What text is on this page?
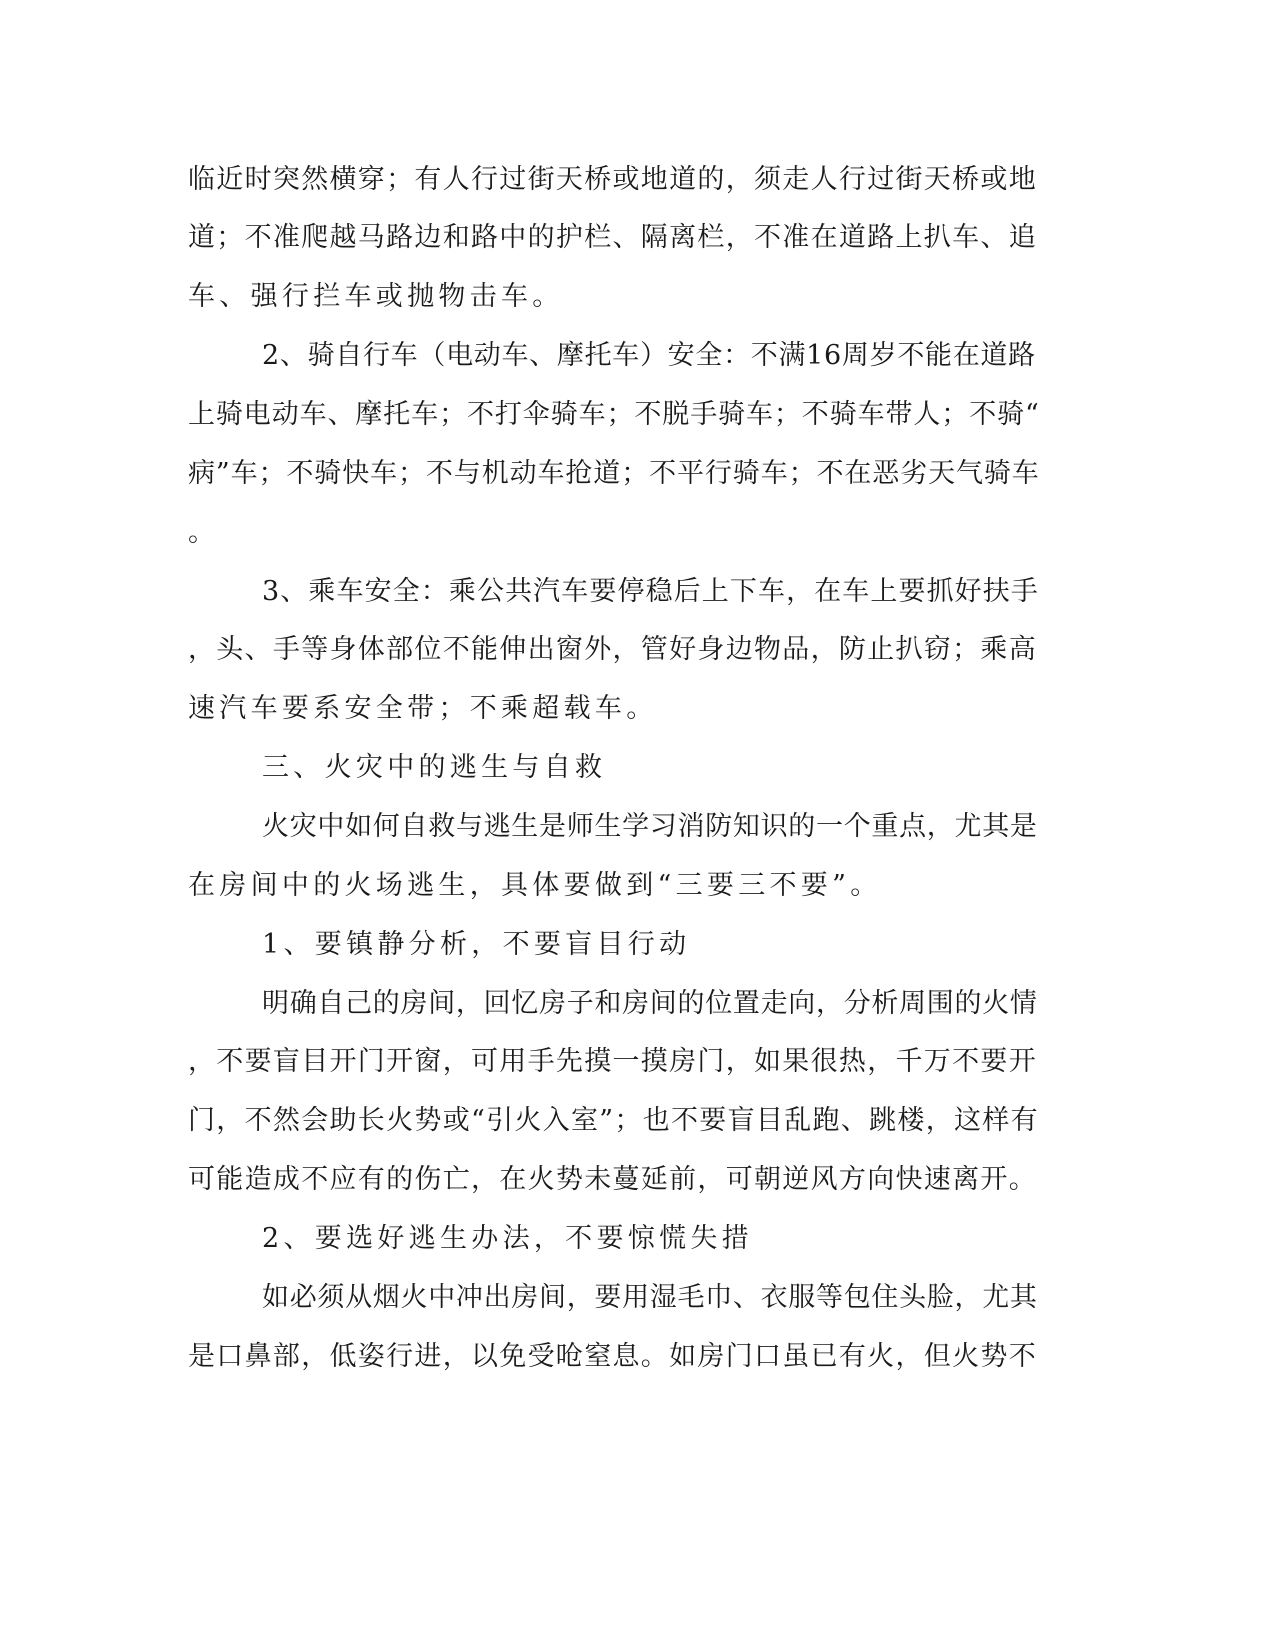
临近时突然横穿；有人行过街天桥或地道的，须走人行过街天桥或地
道；不准爬越马路边和路中的护栏、隔离栏，不准在道路上扒车、追
车、强行拦车或抛物击车。
2、骑自行车（电动车、摩托车）安全：不满16周岁不能在道路
上骑电动车、摩托车；不打伞骑车；不脱手骑车；不骑车带人；不骑“
病”车；不骑快车；不与机动车抢道；不平行骑车；不在恶劣天气骑车
。
3、乘车安全：乘公共汽车要停稳后上下车，在车上要抓好扶手
，头、手等身体部位不能伸出窗外，管好身边物品，防止扒窃；乘高
速汽车要系安全带；不乘超载车。
三、火灾中的逃生与自救
火灾中如何自救与逃生是师生学习消防知识的一个重点，尤其是
在房间中的火场逃生，具体要做到“三要三不要”。
1、要镇静分析，不要盲目行动
明确自己的房间，回忆房子和房间的位置走向，分析周围的火情
，不要盲目开门开窗，可用手先摸一摸房门，如果很热，千万不要开
门，不然会助长火势或“引火入室”；也不要盲目乱跑、跳楼，这样有
可能造成不应有的伤亡，在火势未蔓延前，可朝逆风方向快速离开。
2、要选好逃生办法，不要惊慌失措
如必须从烟火中冲出房间，要用湿毛巾、衣服等包住头脸，尤其
是口鼻部，低姿行进，以免受呛窒息。如房门口虽已有火，但火势不
